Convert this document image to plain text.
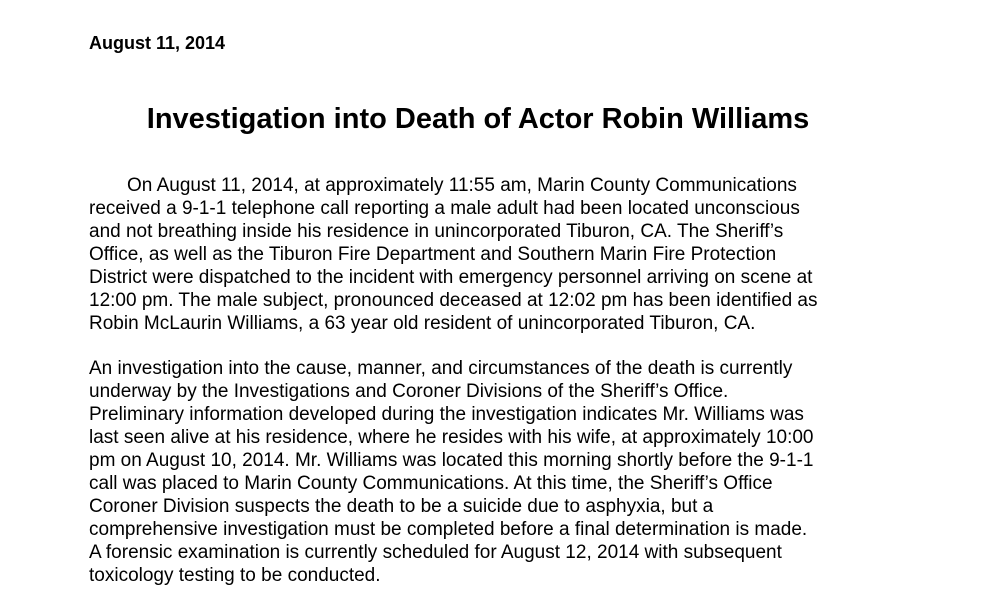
August 11, 2014
Investigation into Death of Actor Robin Williams
On August 11, 2014, at approximately 11:55 am, Marin County Communications
received a 9-1-1 telephone call reporting a male adult had been located unconscious
and not breathing inside his residence in unincorporated Tiburon, CA. The Sheriff’s
Office, as well as the Tiburon Fire Department and Southern Marin Fire Protection
District were dispatched to the incident with emergency personnel arriving on scene at
12:00 pm. The male subject, pronounced deceased at 12:02 pm has been identified as
Robin McLaurin Williams, a 63 year old resident of unincorporated Tiburon, CA.
An investigation into the cause, manner, and circumstances of the death is currently
underway by the Investigations and Coroner Divisions of the Sheriff’s Office.
Preliminary information developed during the investigation indicates Mr. Williams was
last seen alive at his residence, where he resides with his wife, at approximately 10:00
pm on August 10, 2014. Mr. Williams was located this morning shortly before the 9-1-1
call was placed to Marin County Communications. At this time, the Sheriff’s Office
Coroner Division suspects the death to be a suicide due to asphyxia, but a
comprehensive investigation must be completed before a final determination is made.
A forensic examination is currently scheduled for August 12, 2014 with subsequent
toxicology testing to be conducted.
